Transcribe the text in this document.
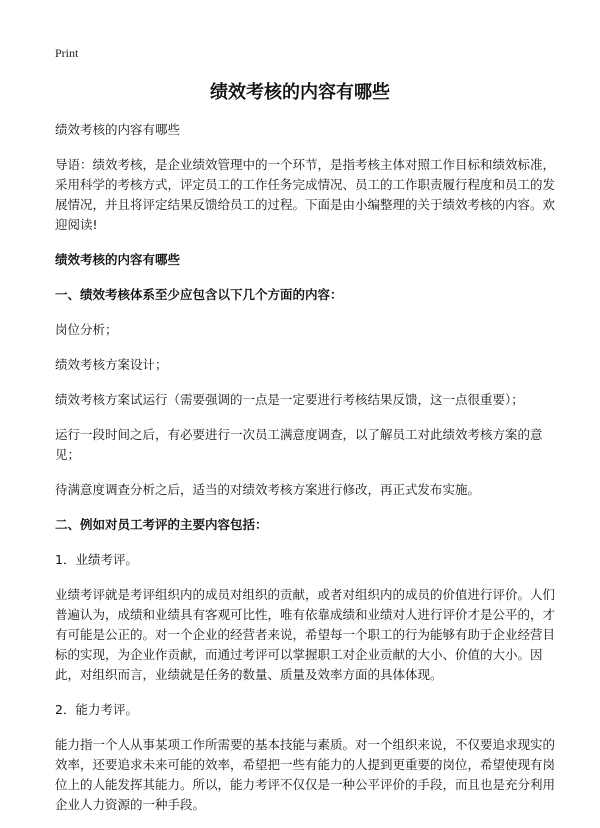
Print
绩效考核的内容有哪些

绩效考核的内容有哪些

导语：绩效考核，是企业绩效管理中的一个环节，是指考核主体对照工作目标和绩效标准，采用科学的考核方式，评定员工的工作任务完成情况、员工的工作职责履行程度和员工的发展情况，并且将评定结果反馈给员工的过程。下面是由小编整理的关于绩效考核的内容。欢迎阅读!

绩效考核的内容有哪些

一、绩效考核体系至少应包含以下几个方面的内容：

岗位分析；

绩效考核方案设计；

绩效考核方案试运行（需要强调的一点是一定要进行考核结果反馈，这一点很重要）；

运行一段时间之后，有必要进行一次员工满意度调查，以了解员工对此绩效考核方案的意见；

待满意度调查分析之后，适当的对绩效考核方案进行修改，再正式发布实施。

二、例如对员工考评的主要内容包括：

1．业绩考评。

业绩考评就是考评组织内的成员对组织的贡献，或者对组织内的成员的价值进行评价。人们普遍认为，成绩和业绩具有客观可比性，唯有依靠成绩和业绩对人进行评价才是公平的，才有可能是公正的。对一个企业的经营者来说，希望每一个职工的行为能够有助于企业经营目标的实现，为企业作贡献，而通过考评可以掌握职工对企业贡献的大小、价值的大小。因此，对组织而言，业绩就是任务的数量、质量及效率方面的具体体现。

2．能力考评。

能力指一个人从事某项工作所需要的基本技能与素质。对一个组织来说，不仅要追求现实的效率，还要追求未来可能的效率，希望把一些有能力的人提到更重要的岗位，希望使现有岗位上的人能发挥其能力。所以，能力考评不仅仅是一种公平评价的手段，而且也是充分利用企业人力资源的一种手段。
